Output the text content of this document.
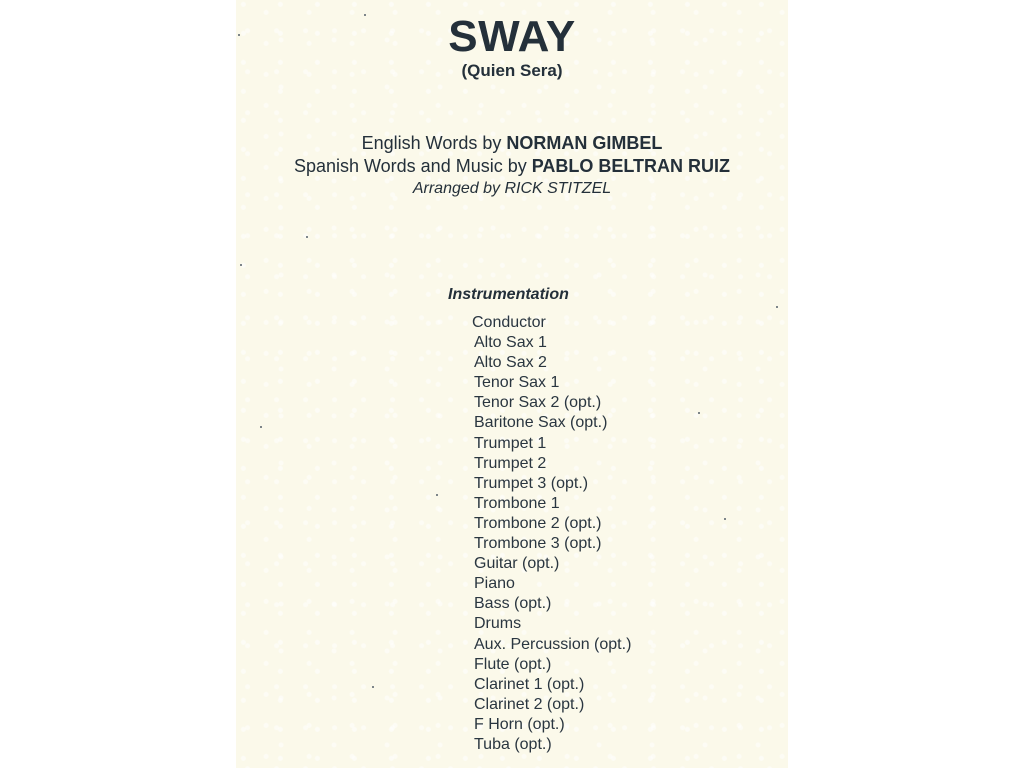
SWAY
(Quien Sera)
English Words by NORMAN GIMBEL
Spanish Words and Music by PABLO BELTRAN RUIZ
Arranged by RICK STITZEL
Instrumentation
Conductor
Alto Sax 1
Alto Sax 2
Tenor Sax 1
Tenor Sax 2 (opt.)
Baritone Sax (opt.)
Trumpet 1
Trumpet 2
Trumpet 3 (opt.)
Trombone 1
Trombone 2 (opt.)
Trombone 3 (opt.)
Guitar (opt.)
Piano
Bass (opt.)
Drums
Aux. Percussion (opt.)
Flute (opt.)
Clarinet 1 (opt.)
Clarinet 2 (opt.)
F Horn (opt.)
Tuba (opt.)
